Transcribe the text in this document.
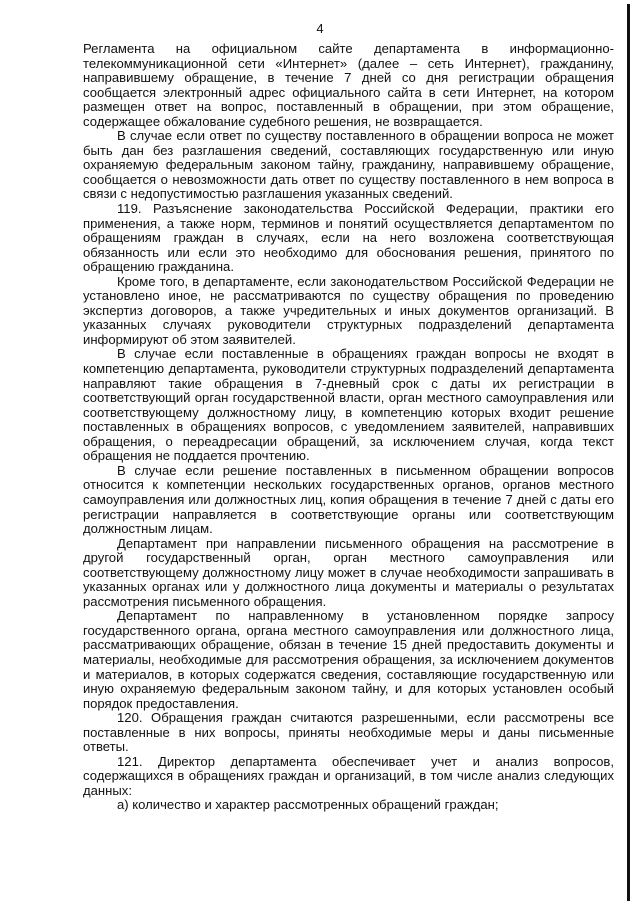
4

Регламента на официальном сайте департамента в информационно-телекоммуникационной сети «Интернет» (далее – сеть Интернет), гражданину, направившему обращение, в течение 7 дней со дня регистрации обращения сообщается электронный адрес официального сайта в сети Интернет, на котором размещен ответ на вопрос, поставленный в обращении, при этом обращение, содержащее обжалование судебного решения, не возвращается.

В случае если ответ по существу поставленного в обращении вопроса не может быть дан без разглашения сведений, составляющих государственную или иную охраняемую федеральным законом тайну, гражданину, направившему обращение, сообщается о невозможности дать ответ по существу поставленного в нем вопроса в связи с недопустимостью разглашения указанных сведений.

119. Разъяснение законодательства Российской Федерации, практики его применения, а также норм, терминов и понятий осуществляется департаментом по обращениям граждан в случаях, если на него возложена соответствующая обязанность или если это необходимо для обоснования решения, принятого по обращению гражданина.

Кроме того, в департаменте, если законодательством Российской Федерации не установлено иное, не рассматриваются по существу обращения по проведению экспертиз договоров, а также учредительных и иных документов организаций. В указанных случаях руководители структурных подразделений департамента информируют об этом заявителей.

В случае если поставленные в обращениях граждан вопросы не входят в компетенцию департамента, руководители структурных подразделений департамента направляют такие обращения в 7-дневный срок с даты их регистрации в соответствующий орган государственной власти, орган местного самоуправления или соответствующему должностному лицу, в компетенцию которых входит решение поставленных в обращениях вопросов, с уведомлением заявителей, направивших обращения, о переадресации обращений, за исключением случая, когда текст обращения не поддается прочтению.

В случае если решение поставленных в письменном обращении вопросов относится к компетенции нескольких государственных органов, органов местного самоуправления или должностных лиц, копия обращения в течение 7 дней с даты его регистрации направляется в соответствующие органы или соответствующим должностным лицам.

Департамент при направлении письменного обращения на рассмотрение в другой государственный орган, орган местного самоуправления или соответствующему должностному лицу может в случае необходимости запрашивать в указанных органах или у должностного лица документы и материалы о результатах рассмотрения письменного обращения.

Департамент по направленному в установленном порядке запросу государственного органа, органа местного самоуправления или должностного лица, рассматривающих обращение, обязан в течение 15 дней предоставить документы и материалы, необходимые для рассмотрения обращения, за исключением документов и материалов, в которых содержатся сведения, составляющие государственную или иную охраняемую федеральным законом тайну, и для которых установлен особый порядок предоставления.

120. Обращения граждан считаются разрешенными, если рассмотрены все поставленные в них вопросы, приняты необходимые меры и даны письменные ответы.

121. Директор департамента обеспечивает учет и анализ вопросов, содержащихся в обращениях граждан и организаций, в том числе анализ следующих данных:

а) количество и характер рассмотренных обращений граждан;
